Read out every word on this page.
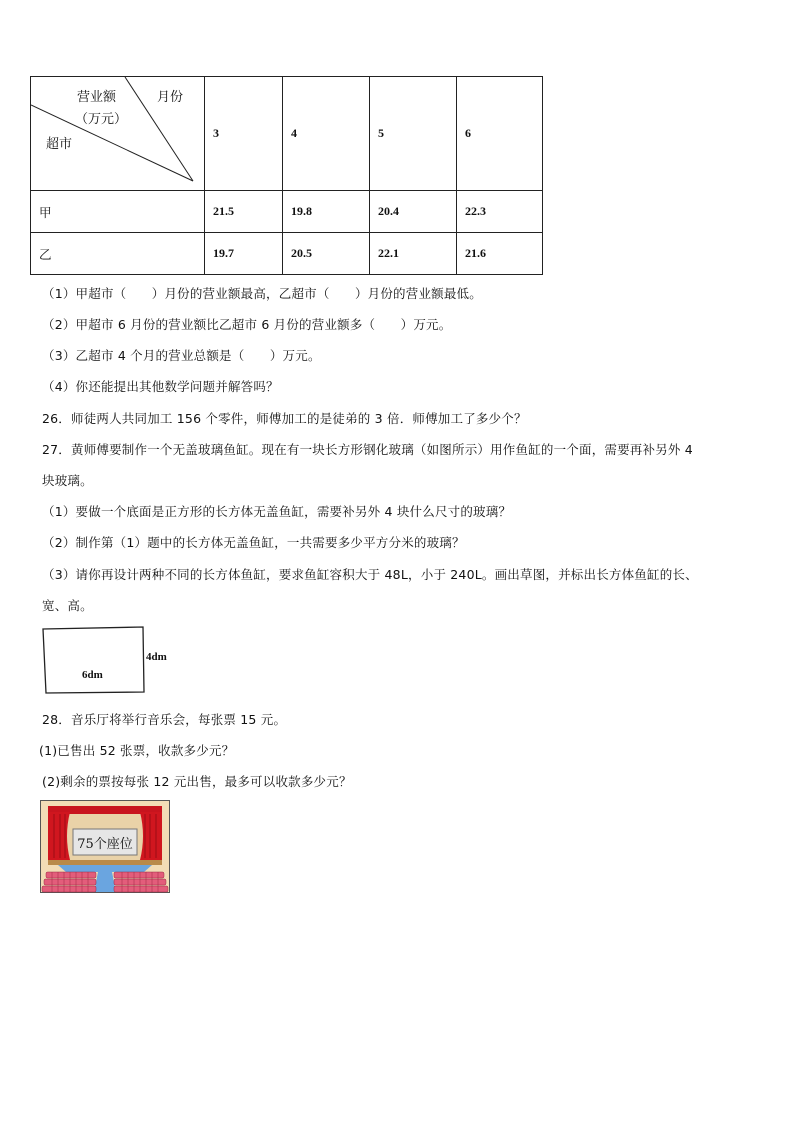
营业额 月份
（万元）
超市	3	4	5	6
甲	21.5	19.8	20.4	22.3
乙	19.7	20.5	22.1	21.6
（1）甲超市（　　）月份的营业额最高，乙超市（　　）月份的营业额最低。
（2）甲超市 6 月份的营业额比乙超市 6 月份的营业额多（　　）万元。
（3）乙超市 4 个月的营业总额是（　　）万元。
（4）你还能提出其他数学问题并解答吗？
26．师徒两人共同加工 156 个零件，师傅加工的是徒弟的 3 倍．师傅加工了多少个？
27．黄师傅要制作一个无盖玻璃鱼缸。现在有一块长方形钢化玻璃（如图所示）用作鱼缸的一个面，需要再补另外 4
块玻璃。
（1）要做一个底面是正方形的长方体无盖鱼缸，需要补另外 4 块什么尺寸的玻璃？
（2）制作第（1）题中的长方体无盖鱼缸，一共需要多少平方分米的玻璃？
（3）请你再设计两种不同的长方体鱼缸，要求鱼缸容积大于 48L，小于 240L。画出草图，并标出长方体鱼缸的长、
宽、高。
6dm
4dm
28．音乐厅将举行音乐会，每张票 15 元。
(1)已售出 52 张票，收款多少元？
(2)剩余的票按每张 12 元出售，最多可以收款多少元？
75个座位
